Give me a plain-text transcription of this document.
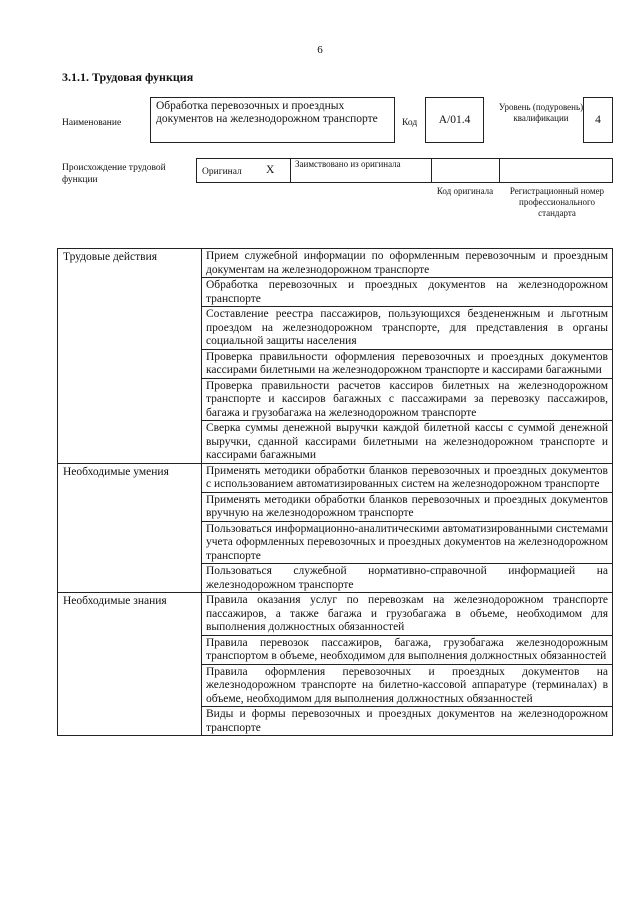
6
3.1.1. Трудовая функция
Наименование
Обработка перевозочных и проездных документов на железнодорожном транспорте	Код	А/01.4
Уровень (подуровень) квалификации	4
Происхождение трудовой функции
Оригинал Х Заимствовано из оригинала
Код оригинала	Регистрационный номер профессионального стандарта
Трудовые действия	Прием служебной информации по оформленным перевозочным и проездным документам на железнодорожном транспорте
	Обработка перевозочных и проездных документов на железнодорожном транспорте
	Составление реестра пассажиров, пользующихся бездененжным и льготным проездом на железнодорожном транспорте, для представления в органы социальной защиты населения
	Проверка правильности оформления перевозочных и проездных документов кассирами билетными на железнодорожном транспорте и кассирами багажными
	Проверка правильности расчетов кассиров билетных на железнодорожном транспорте и кассиров багажных с пассажирами за перевозку пассажиров, багажа и грузобагажа на железнодорожном транспорте
	Сверка суммы денежной выручки каждой билетной кассы с суммой денежной выручки, сданной кассирами билетными на железнодорожном транспорте и кассирами багажными
Необходимые умения	Применять методики обработки бланков перевозочных и проездных документов с использованием автоматизированных систем на железнодорожном транспорте
	Применять методики обработки бланков перевозочных и проездных документов вручную на железнодорожном транспорте
	Пользоваться информационно-аналитическими автоматизированными системами учета оформленных перевозочных и проездных документов на железнодорожном транспорте
	Пользоваться служебной нормативно-справочной информацией на железнодорожном транспорте
Необходимые знания	Правила оказания услуг по перевозкам на железнодорожном транспорте пассажиров, а также багажа и грузобагажа в объеме, необходимом для выполнения должностных обязанностей
	Правила перевозок пассажиров, багажа, грузобагажа железнодорожным транспортом в объеме, необходимом для выполнения должностных обязанностей
	Правила оформления перевозочных и проездных документов на железнодорожном транспорте на билетно-кассовой аппаратуре (терминалах) в объеме, необходимом для выполнения должностных обязанностей
	Виды и формы перевозочных и проездных документов на железнодорожном транспорте
